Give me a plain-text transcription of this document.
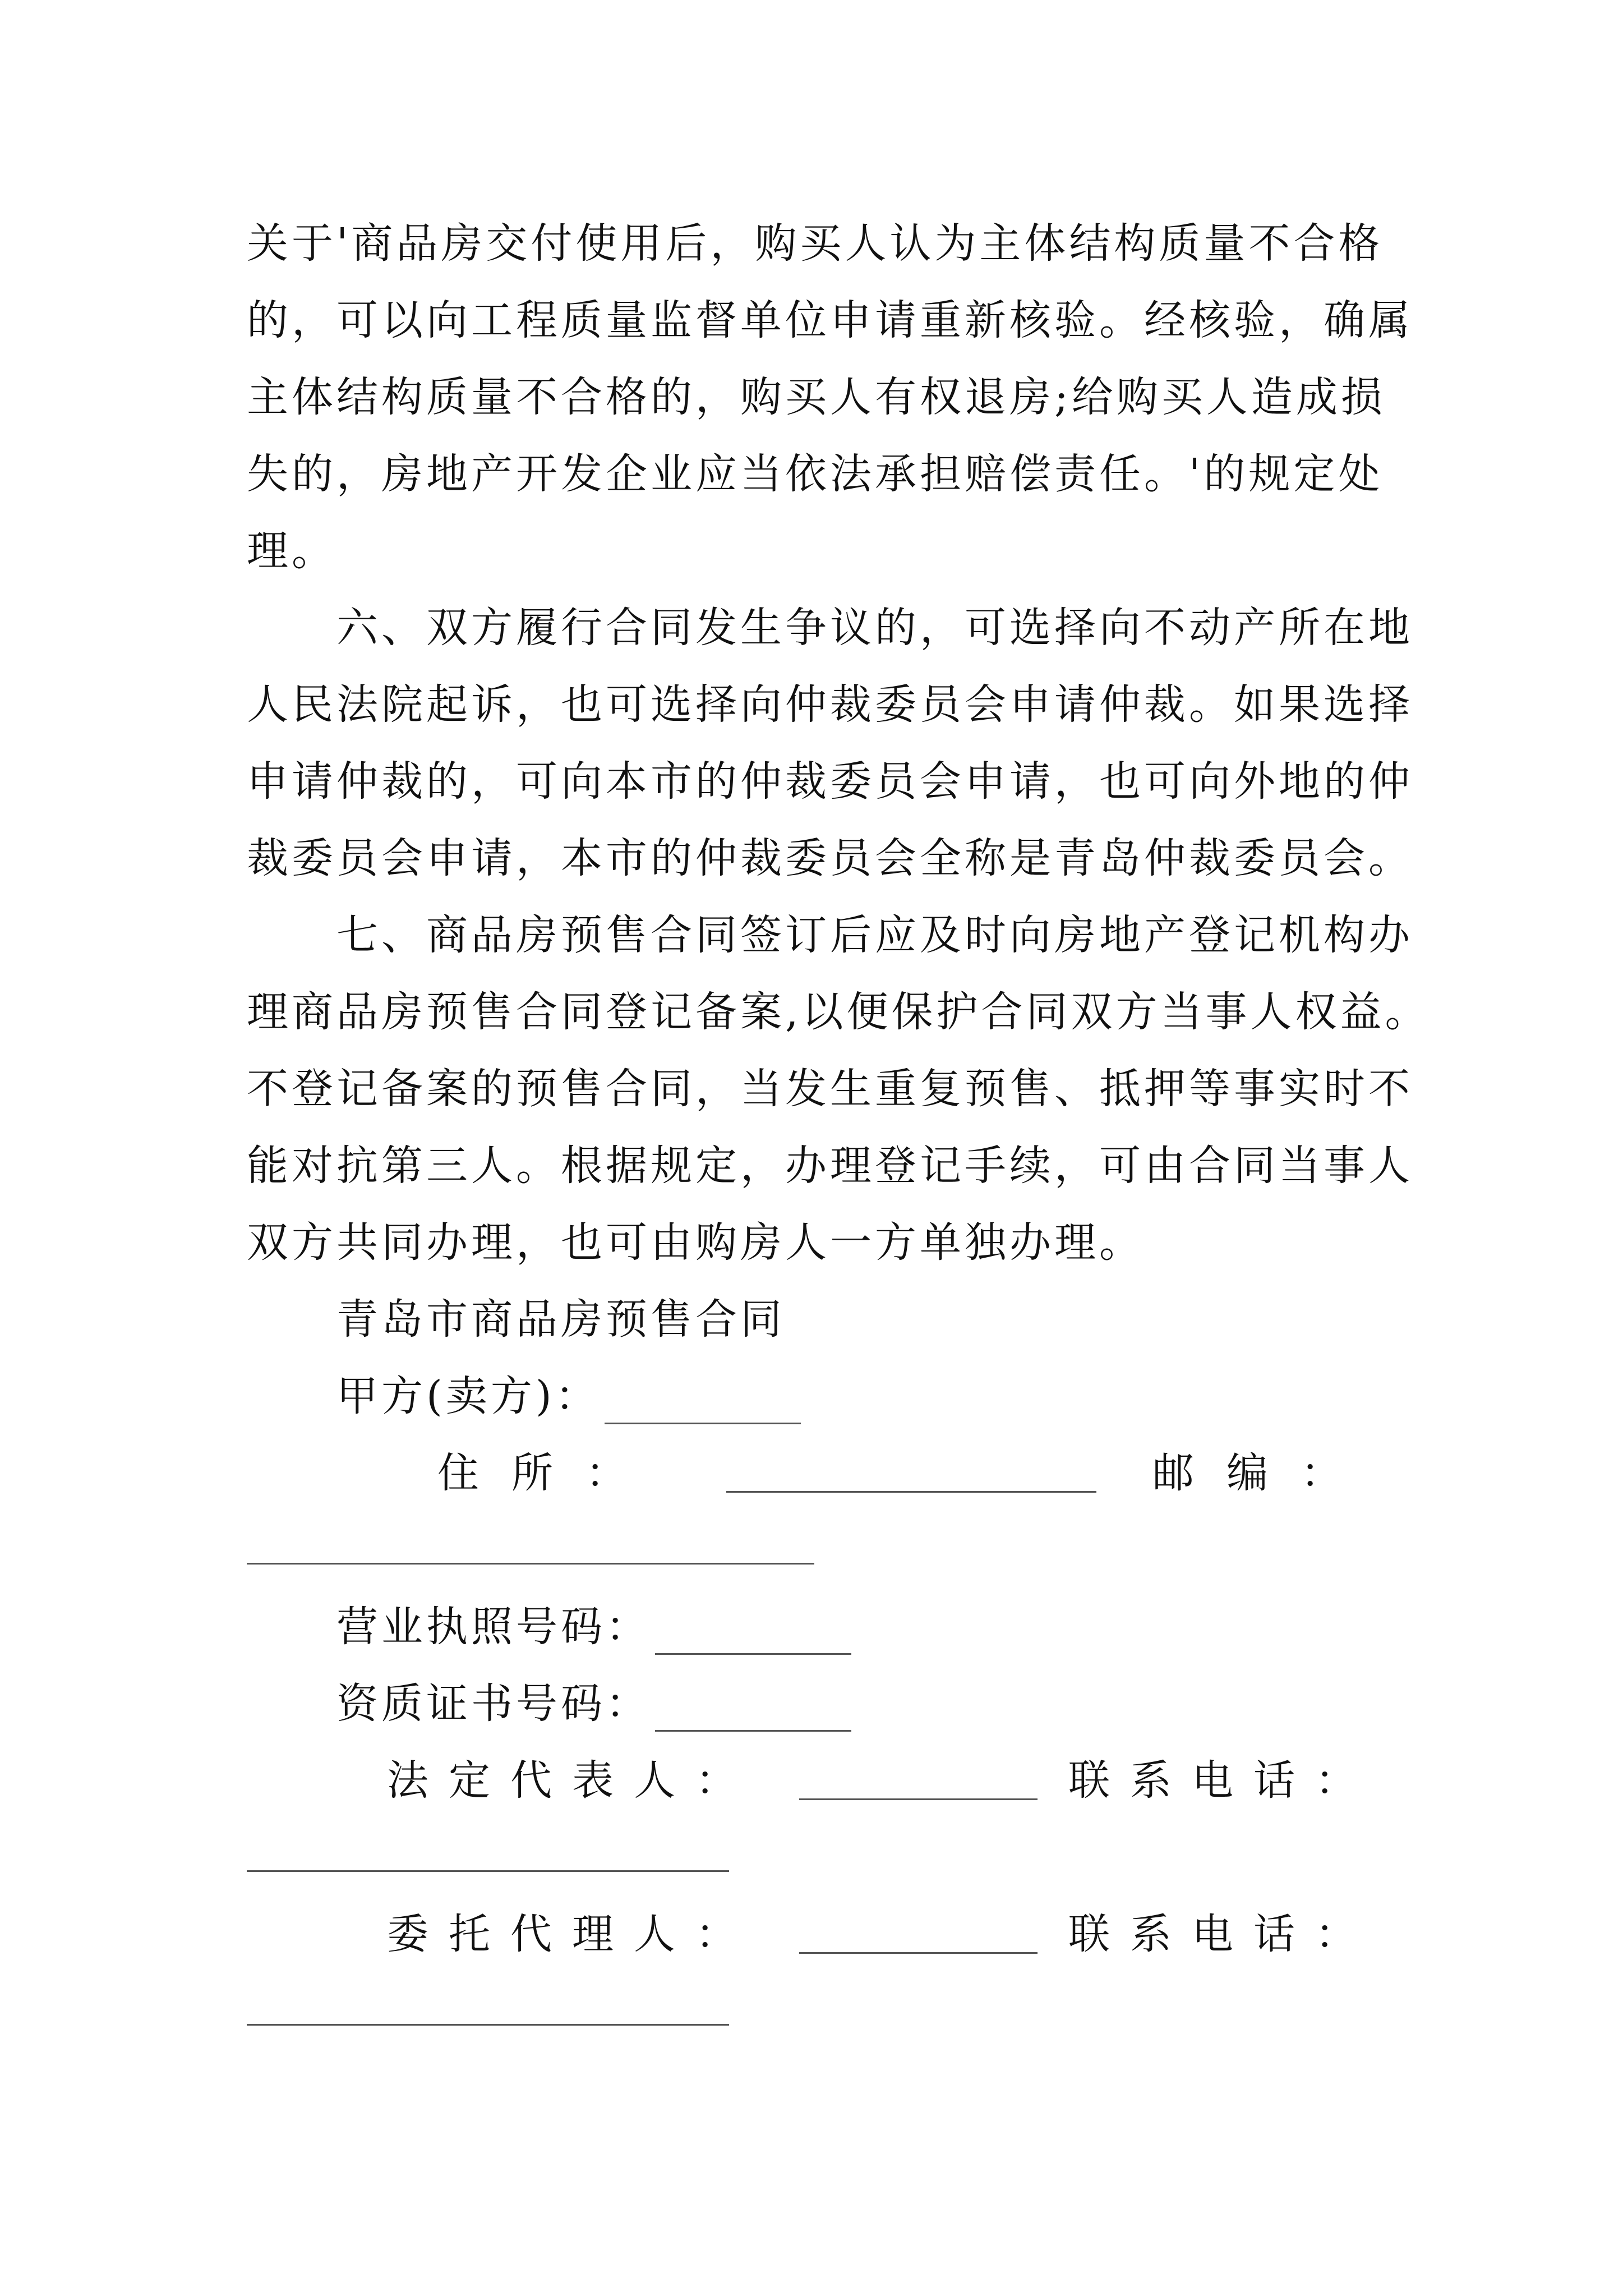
关于'商品房交付使用后，购买人认为主体结构质量不合格
的，可以向工程质量监督单位申请重新核验。经核验，确属
主体结构质量不合格的，购买人有权退房;给购买人造成损
失的，房地产开发企业应当依法承担赔偿责任。'的规定处
理。
六、双方履行合同发生争议的，可选择向不动产所在地
人民法院起诉，也可选择向仲裁委员会申请仲裁。如果选择
申请仲裁的，可向本市的仲裁委员会申请，也可向外地的仲
裁委员会申请，本市的仲裁委员会全称是青岛仲裁委员会。
七、商品房预售合同签订后应及时向房地产登记机构办
理商品房预售合同登记备案,以便保护合同双方当事人权益。
不登记备案的预售合同，当发生重复预售、抵押等事实时不
能对抗第三人。根据规定，办理登记手续，可由合同当事人
双方共同办理，也可由购房人一方单独办理。
青岛市商品房预售合同
甲方(卖方)：
住所：	邮编：
营业执照号码：
资质证书号码：
法定代表人：	联系电话：
委托代理人：	联系电话：
